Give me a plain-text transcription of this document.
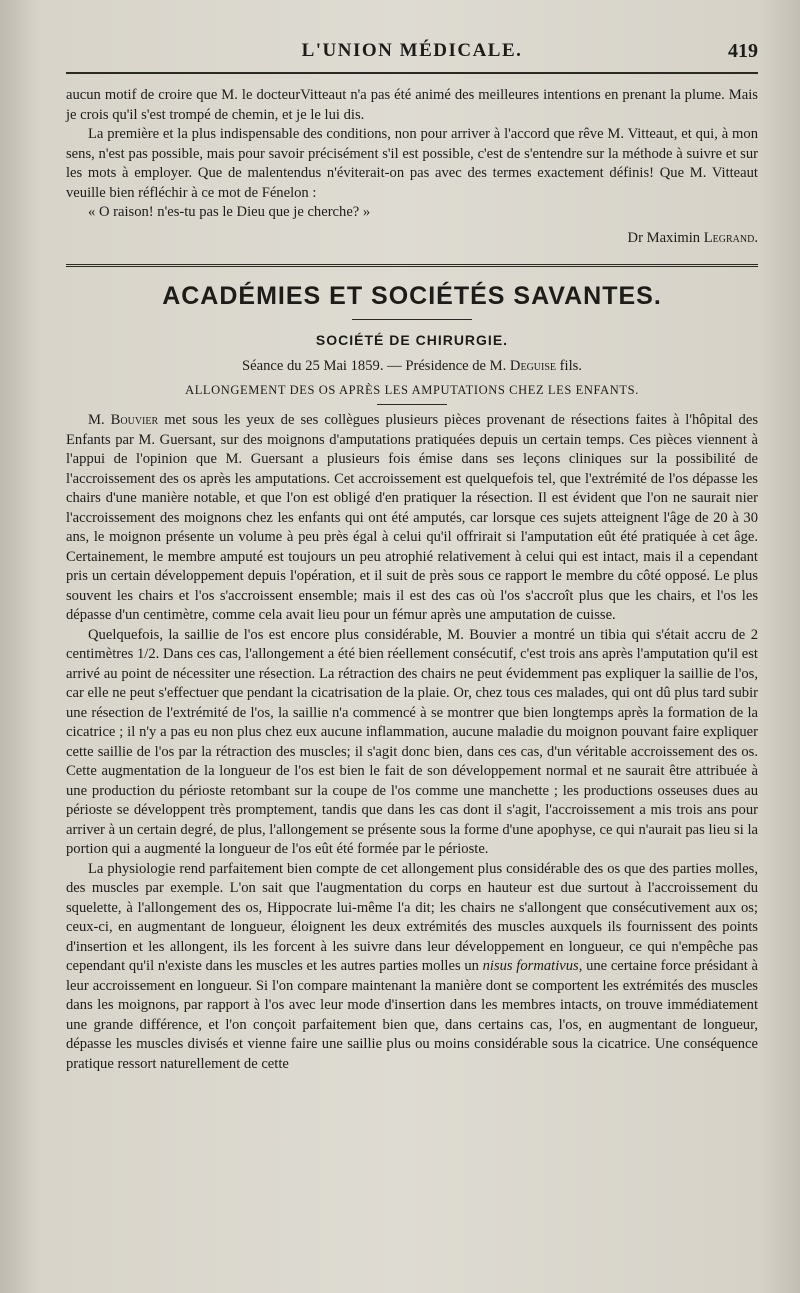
L'UNION MÉDICALE.	419

aucun motif de croire que M. le docteurVitteaut n'a pas été animé des meilleures intentions en prenant la plume. Mais je crois qu'il s'est trompé de chemin, et je le lui dis.

La première et la plus indispensable des conditions, non pour arriver à l'accord que rêve M. Vitteaut, et qui, à mon sens, n'est pas possible, mais pour savoir précisément s'il est possible, c'est de s'entendre sur la méthode à suivre et sur les mots à employer. Que de malentendus n'éviterait-on pas avec des termes exactement définis! Que M. Vitteaut veuille bien réfléchir à ce mot de Fénelon :

« O raison! n'es-tu pas le Dieu que je cherche? »

Dr Maximin Legrand.
ACADÉMIES ET SOCIÉTÉS SAVANTES.
SOCIÉTÉ DE CHIRURGIE.
Séance du 25 Mai 1859. — Présidence de M. Deguise fils.
ALLONGEMENT DES OS APRÈS LES AMPUTATIONS CHEZ LES ENFANTS.

M. Bouvier met sous les yeux de ses collègues plusieurs pièces provenant de résections faites à l'hôpital des Enfants par M. Guersant, sur des moignons d'amputations pratiquées depuis un certain temps. Ces pièces viennent à l'appui de l'opinion que M. Guersant a plusieurs fois émise dans ses leçons cliniques sur la possibilité de l'accroissement des os après les amputations. Cet accroissement est quelquefois tel, que l'extrémité de l'os dépasse les chairs d'une manière notable, et que l'on est obligé d'en pratiquer la résection. Il est évident que l'on ne saurait nier l'accroissement des moignons chez les enfants qui ont été amputés, car lorsque ces sujets atteignent l'âge de 20 à 30 ans, le moignon présente un volume à peu près égal à celui qu'il offrirait si l'amputation eût été pratiquée à cet âge. Certainement, le membre amputé est toujours un peu atrophié relativement à celui qui est intact, mais il a cependant pris un certain développement depuis l'opération, et il suit de près sous ce rapport le membre du côté opposé. Le plus souvent les chairs et l'os s'accroissent ensemble; mais il est des cas où l'os s'accroît plus que les chairs, et l'os les dépasse d'un centimètre, comme cela avait lieu pour un fémur après une amputation de cuisse.

Quelquefois, la saillie de l'os est encore plus considérable, M. Bouvier a montré un tibia qui s'était accru de 2 centimètres 1/2. Dans ces cas, l'allongement a été bien réellement consécutif, c'est trois ans après l'amputation qu'il est arrivé au point de nécessiter une résection. La rétraction des chairs ne peut évidemment pas expliquer la saillie de l'os, car elle ne peut s'effectuer que pendant la cicatrisation de la plaie. Or, chez tous ces malades, qui ont dû plus tard subir une résection de l'extrémité de l'os, la saillie n'a commencé à se montrer que bien longtemps après la formation de la cicatrice ; il n'y a pas eu non plus chez eux aucune inflammation, aucune maladie du moignon pouvant faire expliquer cette saillie de l'os par la rétraction des muscles; il s'agit donc bien, dans ces cas, d'un véritable accroissement des os. Cette augmentation de la longueur de l'os est bien le fait de son développement normal et ne saurait être attribuée à une production du périoste retombant sur la coupe de l'os comme une manchette ; les productions osseuses dues au périoste se développent très promptement, tandis que dans les cas dont il s'agit, l'accroissement a mis trois ans pour arriver à un certain degré, de plus, l'allongement se présente sous la forme d'une apophyse, ce qui n'aurait pas lieu si la portion qui a augmenté la longueur de l'os eût été formée par le périoste.

La physiologie rend parfaitement bien compte de cet allongement plus considérable des os que des parties molles, des muscles par exemple. L'on sait que l'augmentation du corps en hauteur est due surtout à l'accroissement du squelette, à l'allongement des os, Hippocrate lui-même l'a dit; les chairs ne s'allongent que consécutivement aux os; ceux-ci, en augmentant de longueur, éloignent les deux extrémités des muscles auxquels ils fournissent des points d'insertion et les allongent, ils les forcent à les suivre dans leur développement en longueur, ce qui n'empêche pas cependant qu'il n'existe dans les muscles et les autres parties molles un nisus formativus, une certaine force présidant à leur accroissement en longueur. Si l'on compare maintenant la manière dont se comportent les extrémités des muscles dans les moignons, par rapport à l'os avec leur mode d'insertion dans les membres intacts, on trouve immédiatement une grande différence, et l'on conçoit parfaitement bien que, dans certains cas, l'os, en augmentant de longueur, dépasse les muscles divisés et vienne faire une saillie plus ou moins considérable sous la cicatrice. Une conséquence pratique ressort naturellement de cette
